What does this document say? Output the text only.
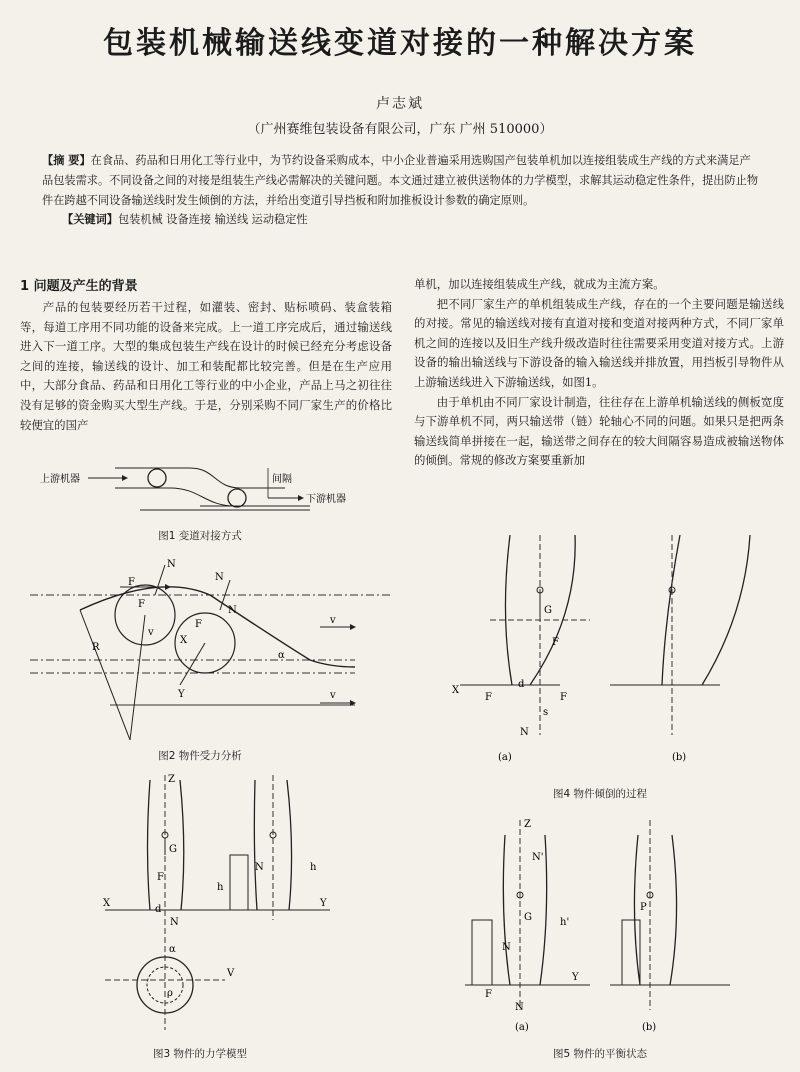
包装机械输送线变道对接的一种解决方案
卢志斌
（广州赛维包装设备有限公司，广东 广州 510000）
【摘 要】在食品、药品和日用化工等行业中，为节约设备采购成本，中小企业普遍采用选购国产包装单机加以连接组装成生产线的方式来满足产品包装需求。不同设备之间的对接是组装生产线必需解决的关键问题。本文通过建立被供送物体的力学模型，求解其运动稳定性条件，提出防止物件在跨越不同设备输送线时发生倾倒的方法，并给出变道引导挡板和附加推板设计参数的确定原则。
【关键词】包装机械 设备连接 输送线 运动稳定性
1 问题及产生的背景

产品的包装要经历若干过程，如灌装、密封、贴标喷码、装盒装箱等，每道工序用不同功能的设备来完成。上一道工序完成后，通过输送线进入下一道工序。大型的集成包装生产线在设计的时候已经充分考虑设备之间的连接，输送线的设计、加工和装配都比较完善。但是在生产应用中，大部分食品、药品和日用化工等行业的中小企业，产品上马之初往往没有足够的资金购买大型生产线。于是，分别采购不同厂家生产的价格比较便宜的国产

单机，加以连接组装成生产线，就成为主流方案。

把不同厂家生产的单机组装成生产线，存在的一个主要问题是输送线的对接。常见的输送线对接有直道对接和变道对接两种方式，不同厂家单机之间的连接以及旧生产线升级改造时往往需要采用变道对接方式。上游设备的输出输送线与下游设备的输入输送线并排放置，用挡板引导物件从上游输送线进入下游输送线，如图1。

由于单机由不同厂家设计制造，往往存在上游单机输送线的侧板宽度与下游单机不同，两只输送带（链）轮轴心不同的问题。如果只是把两条输送线简单拼接在一起，输送带之间存在的较大间隔容易造成被输送物体的倾倒。常规的修改方案要重新加

上游机器	间隔
下游机器
图1 变道对接方式
N
F	N
N
F
F	v
v
v
R
X
Y
α
图2 物件受力分析
Z
G
F
N
X	Y
h
h
N
d
V
α
ρ
图3 物件的力学模型
G
F
X
d
F	F
s
N
(a)	(b)
图4 物件倾倒的过程
Z
N'
N
G	h'
Y
F
N
P
(a)	(b)
图5 物件的平衡状态
